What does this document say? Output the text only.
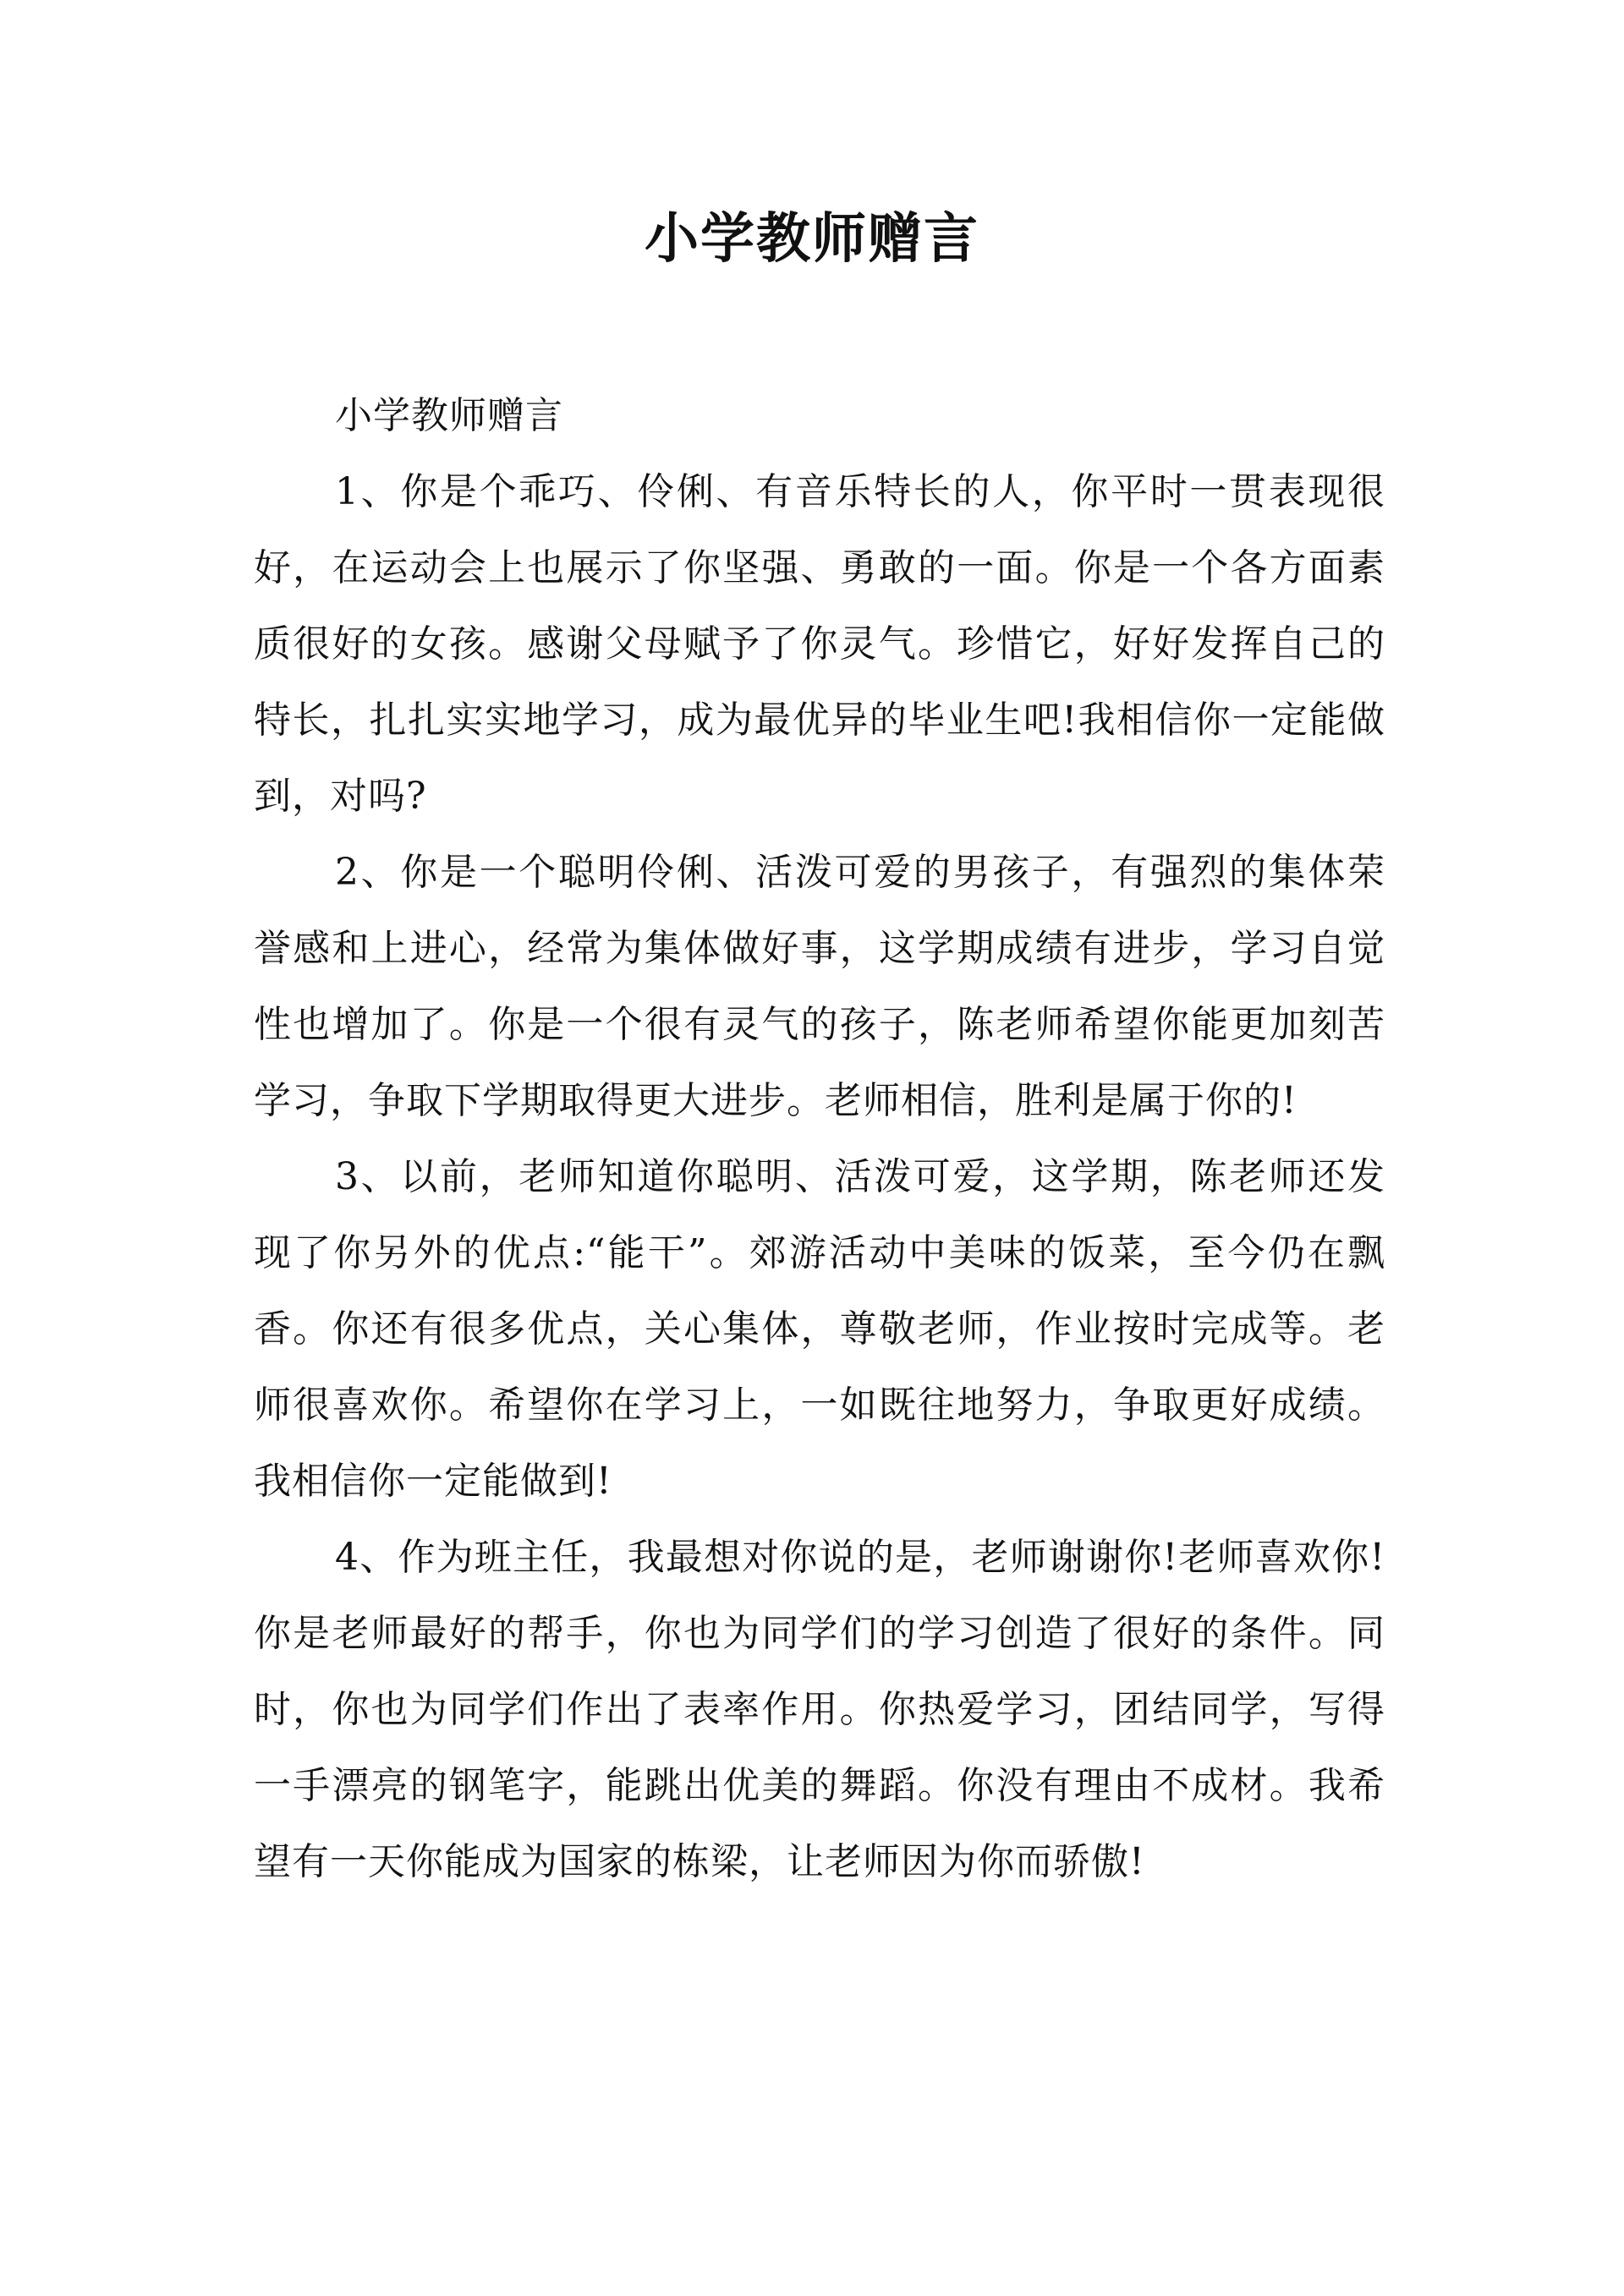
小学教师赠言

小学教师赠言

1、你是个乖巧、伶俐、有音乐特长的人，你平时一贯表现很好，在运动会上也展示了你坚强、勇敢的一面。你是一个各方面素质很好的女孩。感谢父母赋予了你灵气。珍惜它，好好发挥自己的特长，扎扎实实地学习，成为最优异的毕业生吧!我相信你一定能做到，对吗?

2、你是一个聪明伶俐、活泼可爱的男孩子，有强烈的集体荣誉感和上进心，经常为集体做好事，这学期成绩有进步，学习自觉性也增加了。你是一个很有灵气的孩子，陈老师希望你能更加刻苦学习，争取下学期取得更大进步。老师相信，胜利是属于你的!

3、以前，老师知道你聪明、活泼可爱，这学期，陈老师还发现了你另外的优点:“能干”。郊游活动中美味的饭菜，至今仍在飘香。你还有很多优点，关心集体，尊敬老师，作业按时完成等。老师很喜欢你。希望你在学习上，一如既往地努力，争取更好成绩。我相信你一定能做到!

4、作为班主任，我最想对你说的是，老师谢谢你!老师喜欢你!你是老师最好的帮手，你也为同学们的学习创造了很好的条件。同时，你也为同学们作出了表率作用。你热爱学习，团结同学，写得一手漂亮的钢笔字，能跳出优美的舞蹈。你没有理由不成材。我希望有一天你能成为国家的栋梁，让老师因为你而骄傲!
